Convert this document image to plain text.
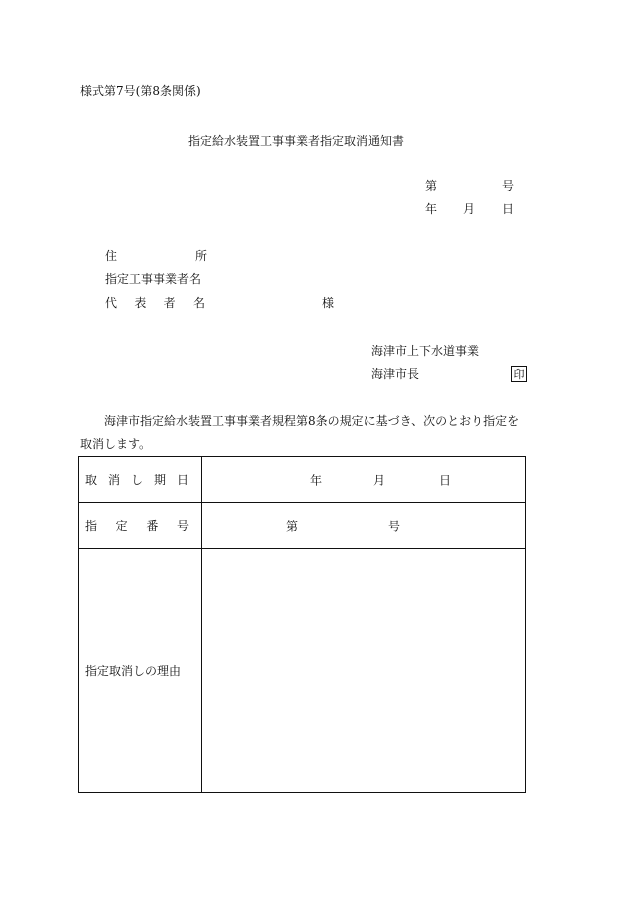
様式第7号(第8条関係)
指定給水装置工事事業者指定取消通知書
第	号
年 月 日
住	所
指定工事事業者名
代 表 者 名	様
海津市上下水道事業
海津市長	印
海津市指定給水装置工事事業者規程第8条の規定に基づき、次のとおり指定を取消します。
取 消 し 期 日	年 月 日

指 定 番 号	第 号

指定取消しの理由	
